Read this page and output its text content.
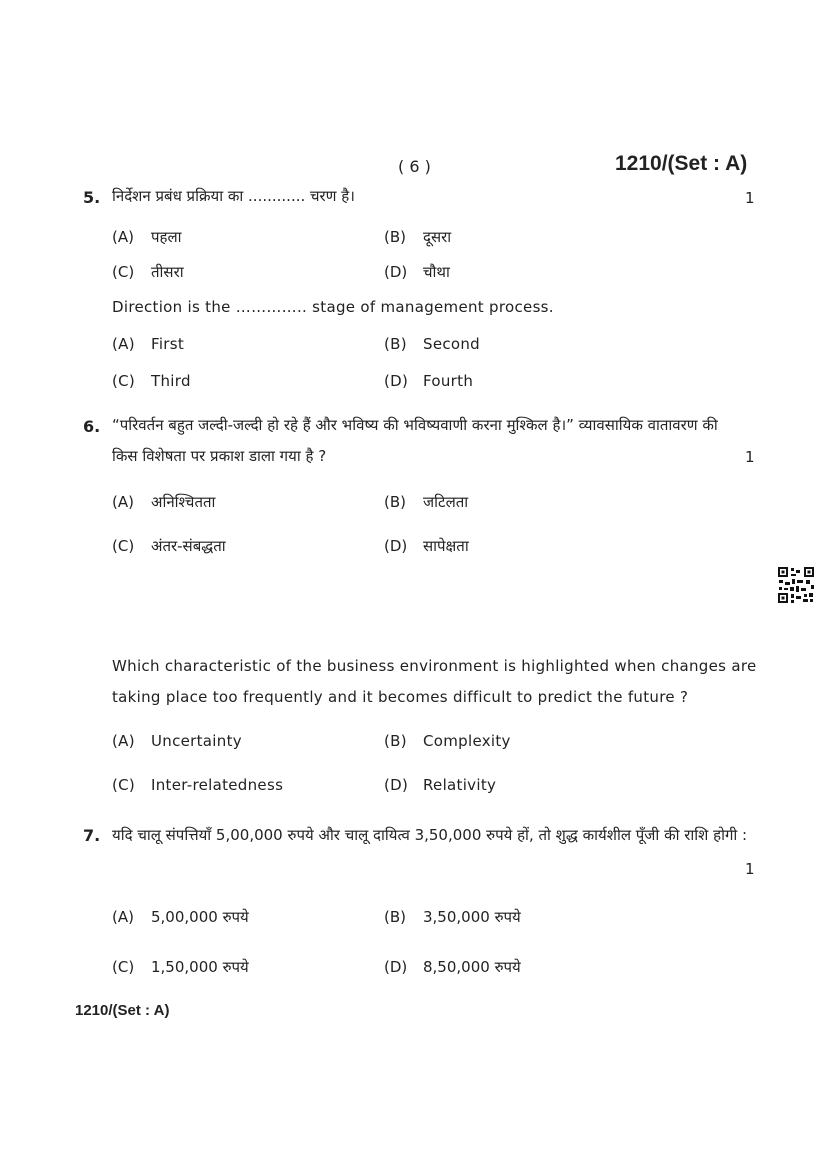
( 6 )	1210/(Set : A)
5. निर्देशन प्रबंध प्रक्रिया का ............ चरण है।	1
(A) पहला	(B) दूसरा
(C) तीसरा	(D) चौथा
Direction is the ………….. stage of management process.
(A) First	(B) Second
(C) Third	(D) Fourth
6. “परिवर्तन बहुत जल्दी-जल्दी हो रहे हैं और भविष्य की भविष्यवाणी करना मुश्किल है।” व्यावसायिक वातावरण की किस विशेषता पर प्रकाश डाला गया है ?	1
(A) अनिश्चितता	(B) जटिलता
(C) अंतर-संबद्धता	(D) सापेक्षता
Which characteristic of the business environment is highlighted when changes are taking place too frequently and it becomes difficult to predict the future ?
(A) Uncertainty	(B) Complexity
(C) Inter-relatedness	(D) Relativity
7. यदि चालू संपत्तियाँ 5,00,000 रुपये और चालू दायित्व 3,50,000 रुपये हों, तो शुद्ध कार्यशील पूँजी की राशि होगी :
1
(A) 5,00,000 रुपये	(B) 3,50,000 रुपये
(C) 1,50,000 रुपये	(D) 8,50,000 रुपये
1210/(Set : A)
